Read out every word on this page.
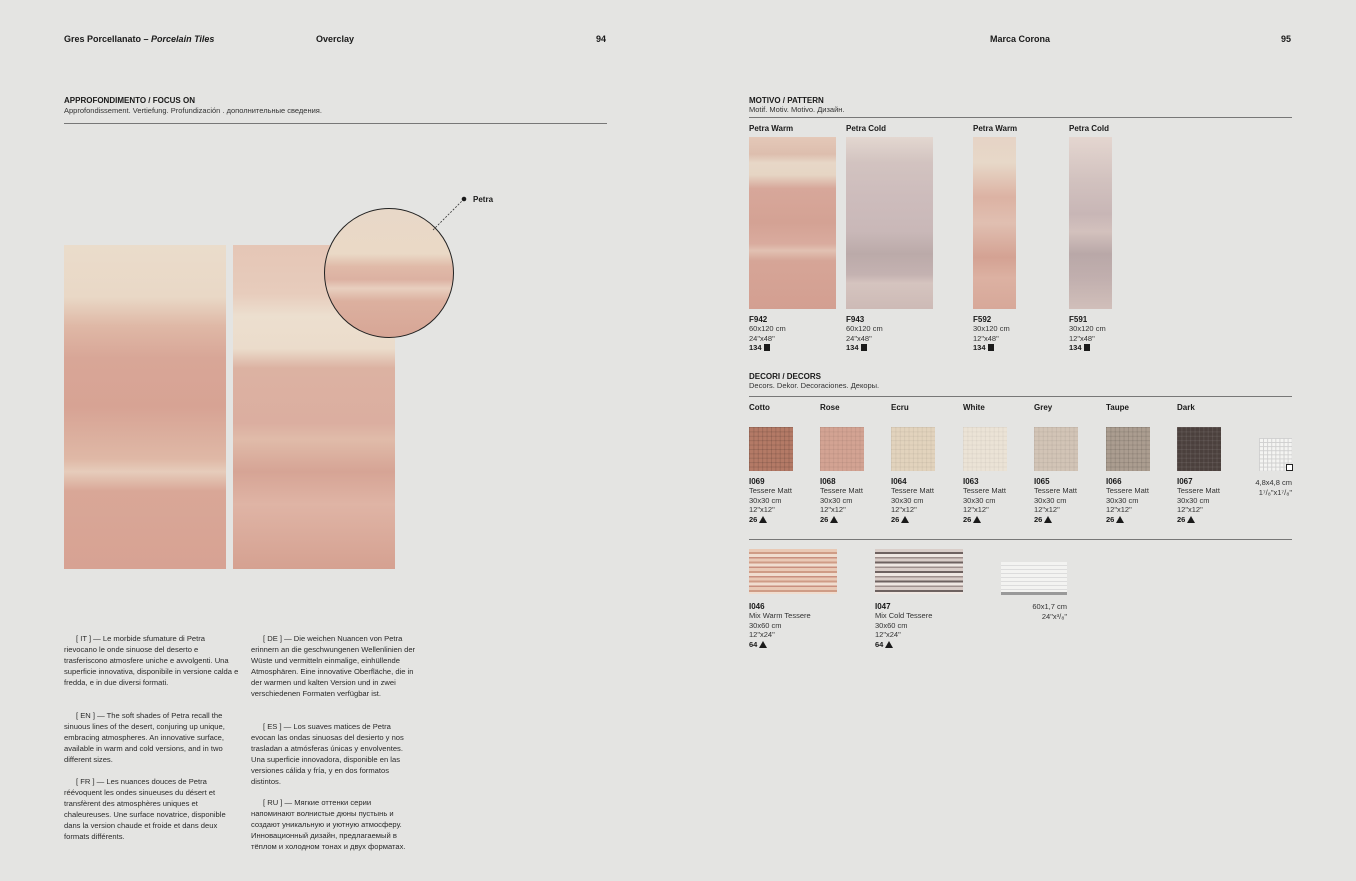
Gres Porcellanato – Porcelain Tiles	Overclay	94	Marca Corona	95
APPROFONDIMENTO / FOCUS ON
Approfondissement. Vertiefung. Profundización . дополнительные сведения.
Petra
[ IT ] — Le morbide sfumature di Petra rievocano le onde sinuose del deserto e trasferiscono atmosfere uniche e avvolgenti. Una superficie innovativa, disponibile in versione calda e fredda, e in due diversi formati.
[ EN ] — The soft shades of Petra recall the sinuous lines of the desert, conjuring up unique, embracing atmospheres. An innovative surface, available in warm and cold versions, and in two different sizes.
[ FR ] — Les nuances douces de Petra réévoquent les ondes sinueuses du désert et transfèrent des atmosphères uniques et chaleureuses. Une surface novatrice, disponible dans la version chaude et froide et dans deux formats différents.
[ DE ] — Die weichen Nuancen von Petra erinnern an die geschwungenen Wellenlinien der Wüste und vermitteln einmalige, einhüllende Atmosphären. Eine innovative Oberfläche, die in der warmen und kalten Version und in zwei verschiedenen Formaten verfügbar ist.
[ ES ] — Los suaves matices de Petra evocan las ondas sinuosas del desierto y nos trasladan a atmósferas únicas y envolventes. Una superficie innovadora, disponible en las versiones cálida y fría, y en dos formatos distintos.
[ RU ] — Мягкие оттенки серии напоминают волнистые дюны пустынь и создают уникальную и уютную атмосферу. Инновационный дизайн, предлагаемый в тёплом и холодном тонах и двух форматах.
MOTIVO / PATTERN
Motif. Motiv. Motivo. Дизайн.
Petra Warm
F942
60x120 cm
24"x48"
134
Petra Cold
F943
60x120 cm
24"x48"
134
Petra Warm
F592
30x120 cm
12"x48"
134
Petra Cold
F591
30x120 cm
12"x48"
134
DECORI / DECORS
Decors. Dekor. Decoraciones. Декоры.
Cotto
I069
Tessere Matt
30x30 cm
12"x12"
26
Rose
I068
Tessere Matt
30x30 cm
12"x12"
26
Ecru
I064
Tessere Matt
30x30 cm
12"x12"
26
White
I063
Tessere Matt
30x30 cm
12"x12"
26
Grey
I065
Tessere Matt
30x30 cm
12"x12"
26
Taupe
I066
Tessere Matt
30x30 cm
12"x12"
26
Dark
I067
Tessere Matt
30x30 cm
12"x12"
26
4,8x4,8 cm
1⁷/₈"x1⁷/₈"
I046
Mix Warm Tessere
30x60 cm
12"x24"
64
I047
Mix Cold Tessere
30x60 cm
12"x24"
64
60x1,7 cm
24"x³/₈"
